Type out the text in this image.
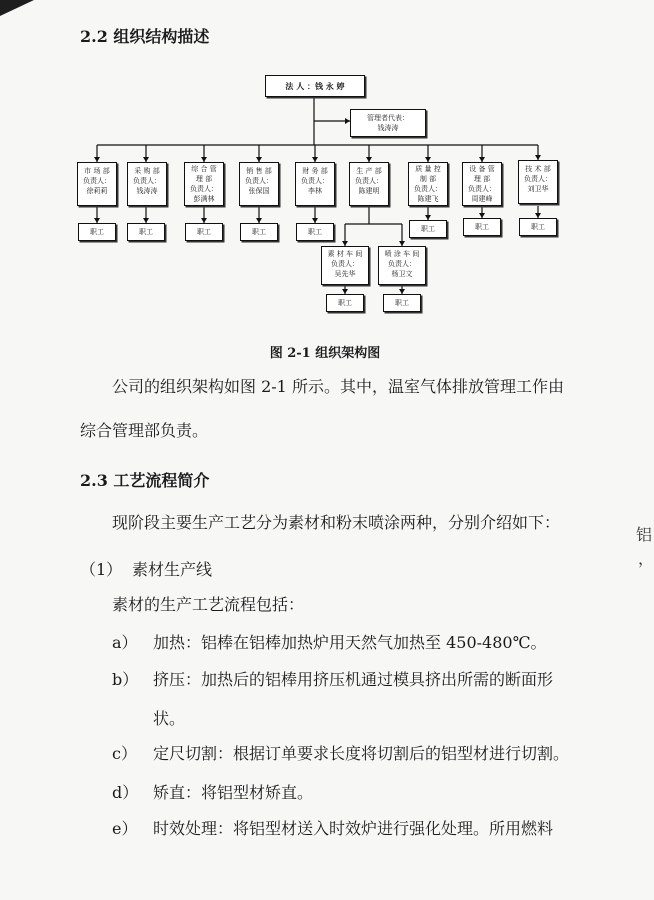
2.2 组织结构描述
法 人 ：钱 永 婷
管理者代表：
钱涛涛
市 场 部
负责人：
徐莉莉
采 购 部
负责人：
钱涛涛
综 合 管
理 部
负责人：
彭满林
销 售 部
负责人：
张保国
财 务 部
负责人：
李林
生 产 部
负责人：
陈建明
质 量 控
制 部
负责人：
陈建飞
设 备 管
理 部
负责人：
周建峰
技 术 部
负责人：
刘卫华
素 材 车 间
负责人：
吴先华
喷 涂 车 间
负责人：
杨卫文
职工	职工	职工	职工	职工	职工	职工	职工
职工	职工
图 2-1 组织架构图
公司的组织架构如图 2-1 所示。其中，温室气体排放管理工作由
综合管理部负责。
2.3 工艺流程简介
现阶段主要生产工艺分为素材和粉末喷涂两种，分别介绍如下：
（1） 素材生产线
素材的生产工艺流程包括：
a） 加热：铝棒在铝棒加热炉用天然气加热至 450-480℃。
b） 挤压：加热后的铝棒用挤压机通过模具挤出所需的断面形
状。
c） 定尺切割：根据订单要求长度将切割后的铝型材进行切割。
d） 矫直：将铝型材矫直。
e） 时效处理：将铝型材送入时效炉进行强化处理。所用燃料
铝
，
